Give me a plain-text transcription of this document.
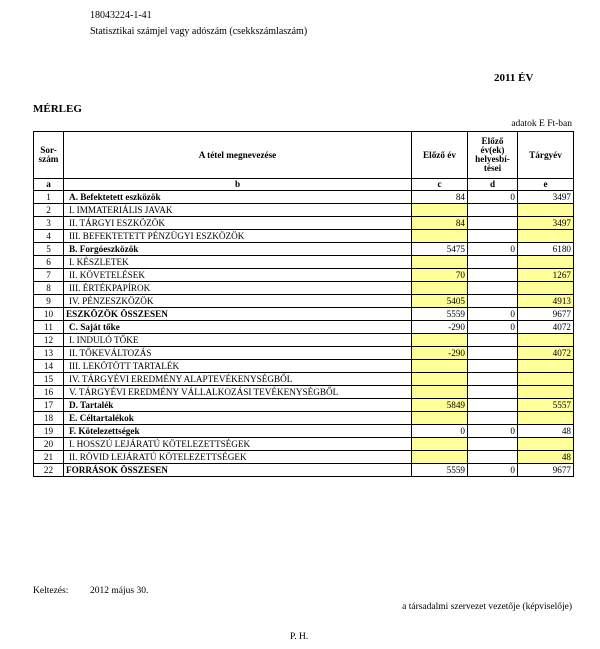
18043224-1-41
Statisztikai számjel vagy adószám (csekkszámlaszám)
2011 ÉV
MÉRLEG
adatok E Ft-ban
Sor-
szám	A tétel megnevezése	Előző év	Előző
év(ek)
helyesbí-
tései	Tárgyév
a	b	c	d	e
1	A. Befektetett eszközök	84	0	3497
2	I. IMMATERIÁLIS JAVAK			
3	II. TÁRGYI ESZKÖZÖK	84		3497
4	III. BEFEKTETETT PÉNZÜGYI ESZKÖZÖK			
5	B. Forgóeszközök	5475	0	6180
6	I. KÉSZLETEK			
7	II. KÖVETELÉSEK	70		1267
8	III. ÉRTÉKPAPÍROK			
9	IV. PÉNZESZKÖZÖK	5405		4913
10	ESZKÖZÖK ÖSSZESEN	5559	0	9677
11	C. Saját tőke	-290	0	4072
12	I. INDULÓ TŐKE			
13	II. TŐKEVÁLTOZÁS	-290		4072
14	III. LEKÖTÖTT TARTALÉK			
15	IV. TÁRGYÉVI EREDMÉNY ALAPTEVÉKENYSÉGBŐL			
16	V. TÁRGYÉVI EREDMÉNY VÁLLALKOZÁSI TEVÉKENYSÉGBŐL			
17	D. Tartalék	5849		5557
18	E. Céltartalékok			
19	F. Kötelezettségek	0	0	48
20	I. HOSSZÚ LEJÁRATÚ KÖTELEZETTSÉGEK			
21	II. RÖVID LEJÁRATÚ KÖTELEZETTSÉGEK			48
22	FORRÁSOK ÖSSZESEN	5559	0	9677
Keltezés: 2012 május 30.
a társadalmi szervezet vezetője (képviselője)
P. H.
